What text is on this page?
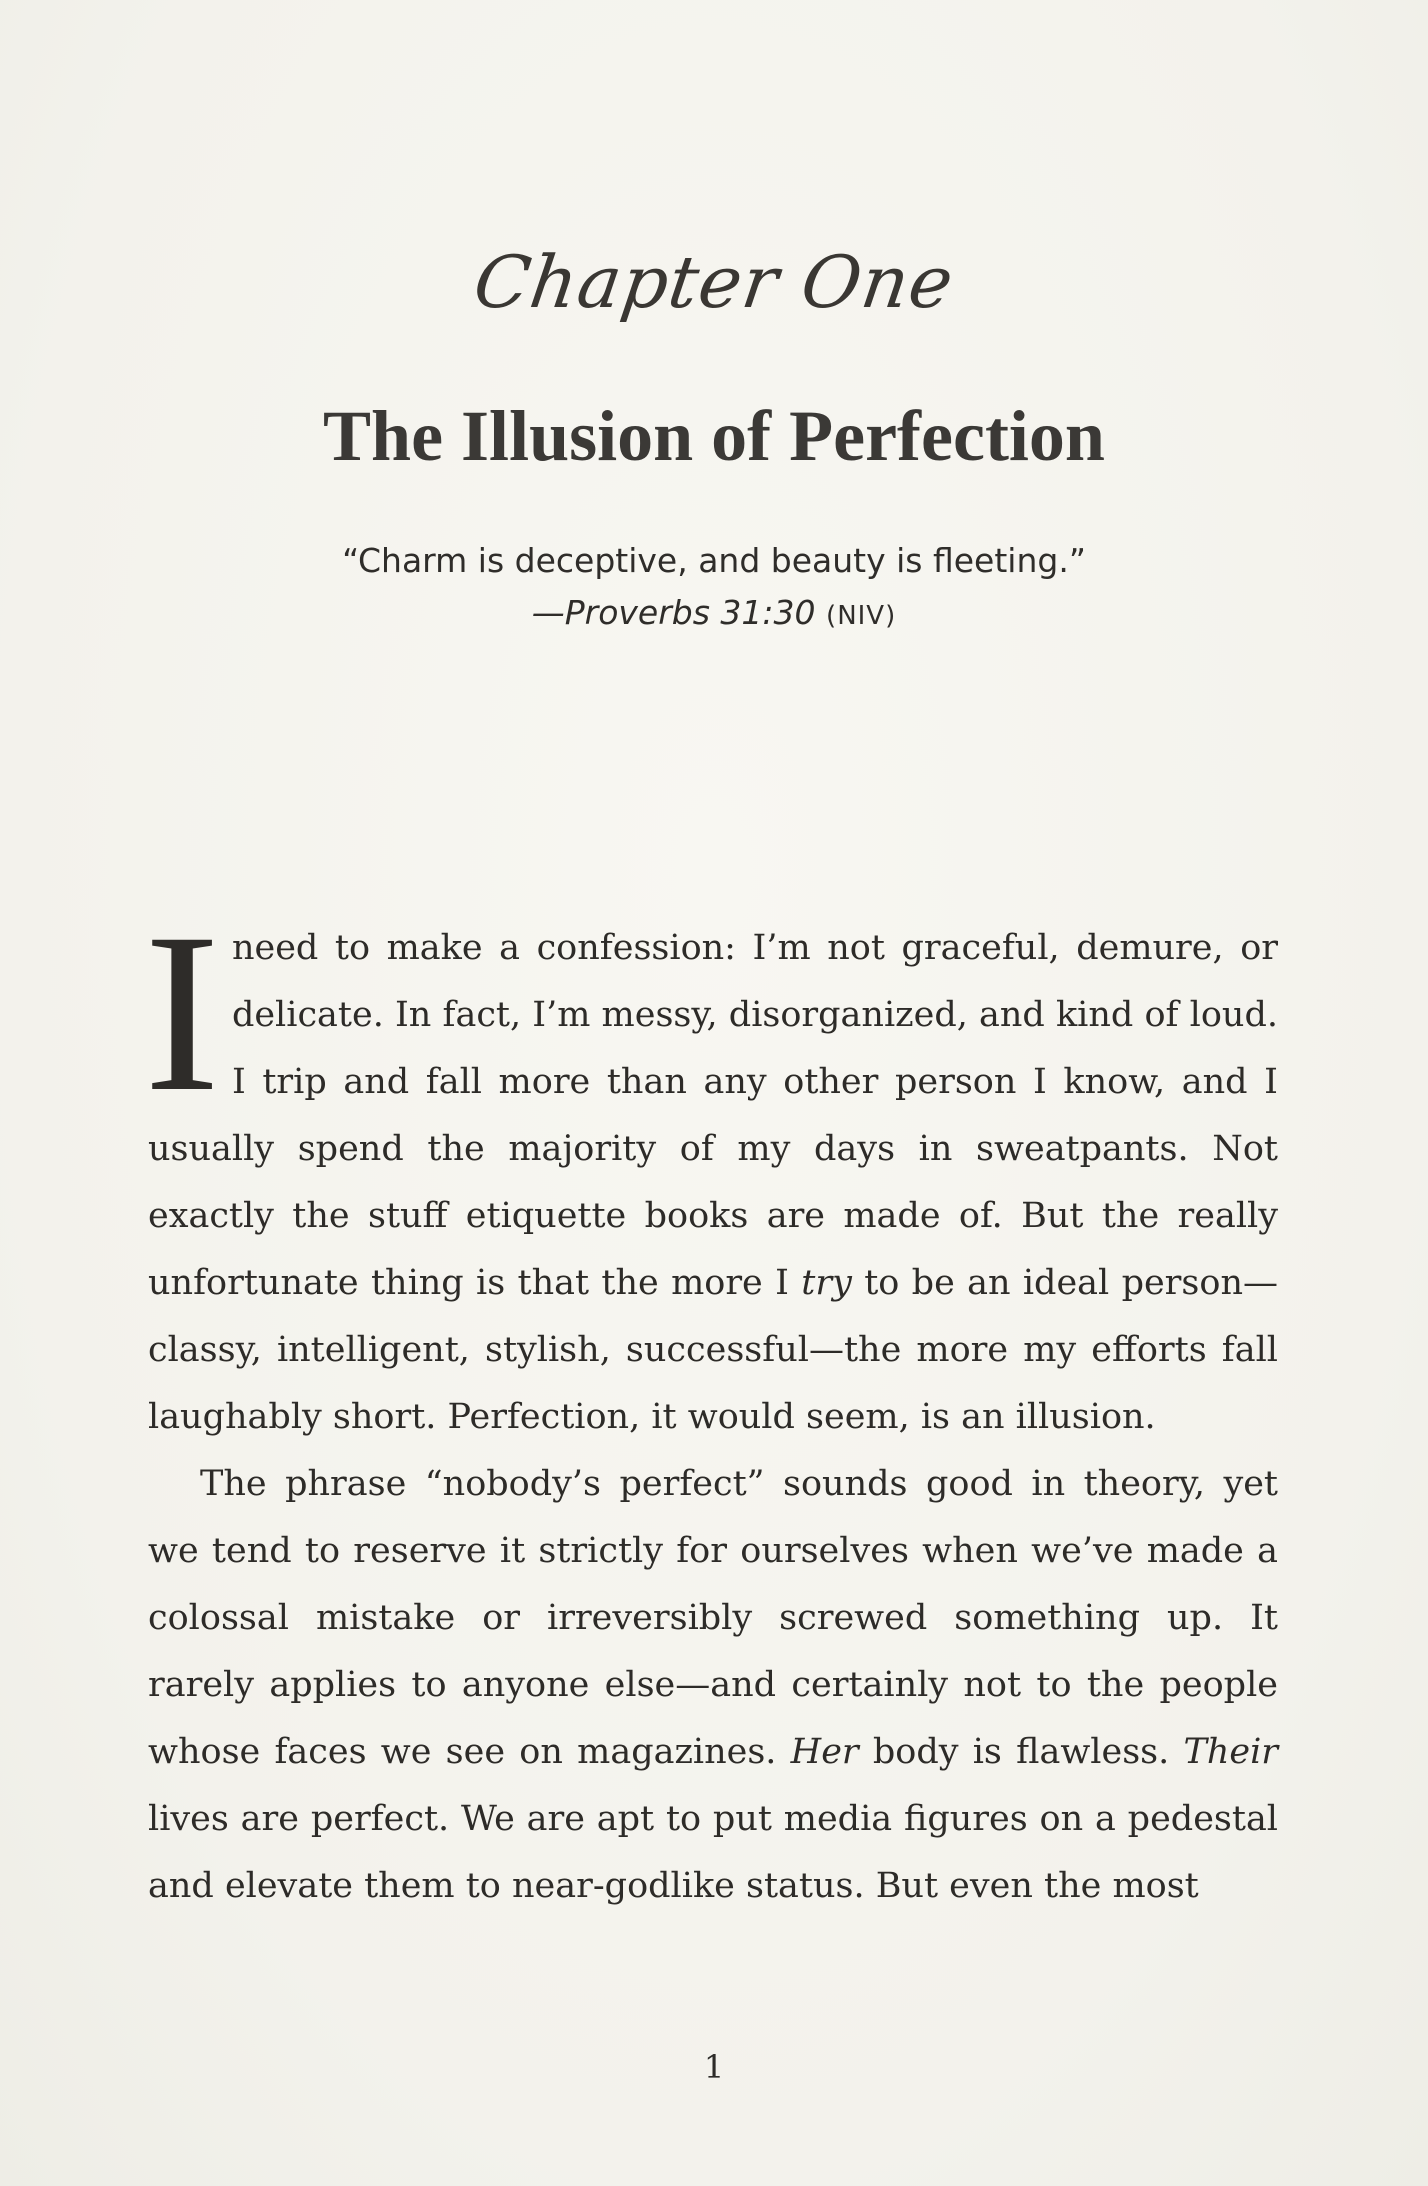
Chapter One
The Illusion of Perfection
“Charm is deceptive, and beauty is fleeting.”
—Proverbs 31:30 (NIV)

I need to make a confession: I’m not graceful, demure, or delicate. In fact, I’m messy, disorganized, and kind of loud. I trip and fall more than any other person I know, and I usually spend the majority of my days in sweatpants. Not exactly the stuff etiquette books are made of. But the really unfortunate thing is that the more I try to be an ideal person—classy, intelligent, stylish, successful—the more my efforts fall laughably short. Perfection, it would seem, is an illusion.

The phrase “nobody’s perfect” sounds good in theory, yet we tend to reserve it strictly for ourselves when we’ve made a colossal mistake or irreversibly screwed something up. It rarely applies to anyone else—and certainly not to the people whose faces we see on magazines. Her body is flawless. Their lives are perfect. We are apt to put media figures on a pedestal and elevate them to near-godlike status. But even the most

1
